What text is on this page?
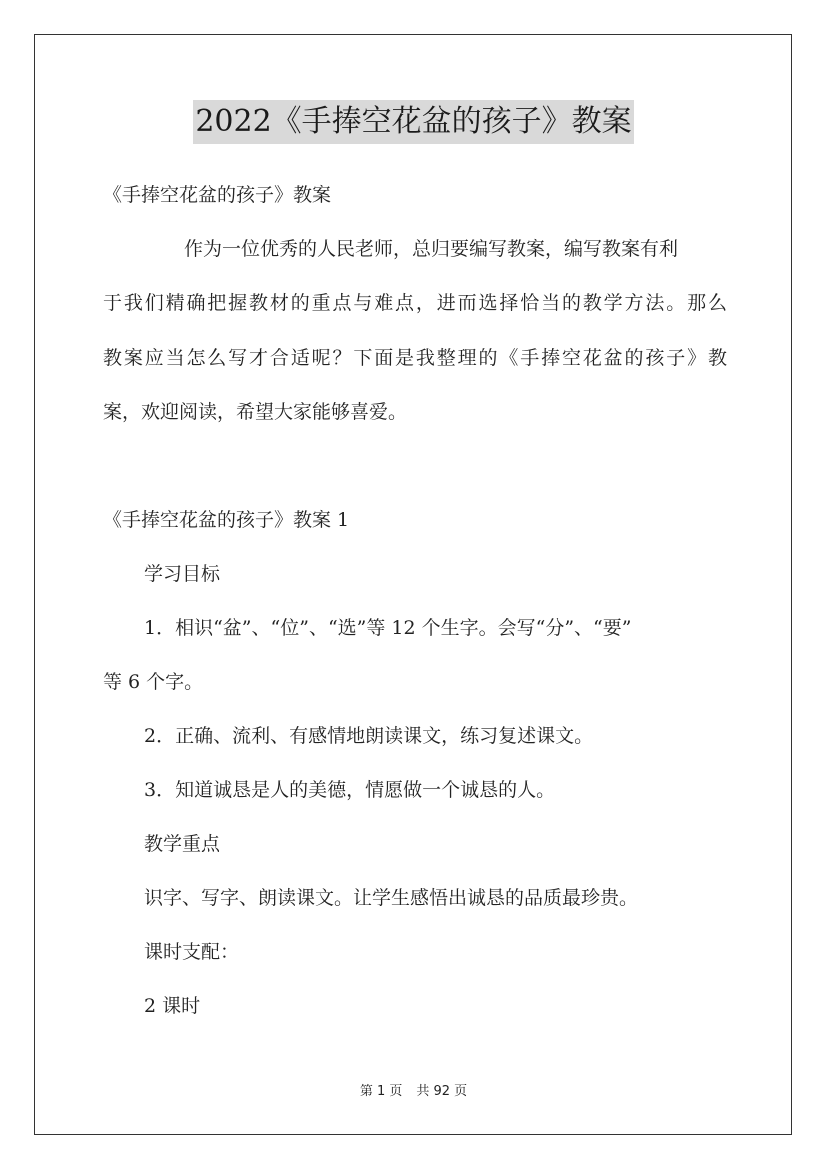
2022《手捧空花盆的孩子》教案
《手捧空花盆的孩子》教案
作为一位优秀的人民老师，总归要编写教案，编写教案有利
于我们精确把握教材的重点与难点，进而选择恰当的教学方法。那么
教案应当怎么写才合适呢？下面是我整理的《手捧空花盆的孩子》教
案，欢迎阅读，希望大家能够喜爱。
《手捧空花盆的孩子》教案 1
学习目标
1．相识“盆”、“位”、“选”等 12 个生字。会写“分”、“要”
等 6 个字。
2．正确、流利、有感情地朗读课文，练习复述课文。
3．知道诚恳是人的美德，情愿做一个诚恳的人。
教学重点
识字、写字、朗读课文。让学生感悟出诚恳的品质最珍贵。
课时支配：
2 课时
第 1 页 共 92 页
